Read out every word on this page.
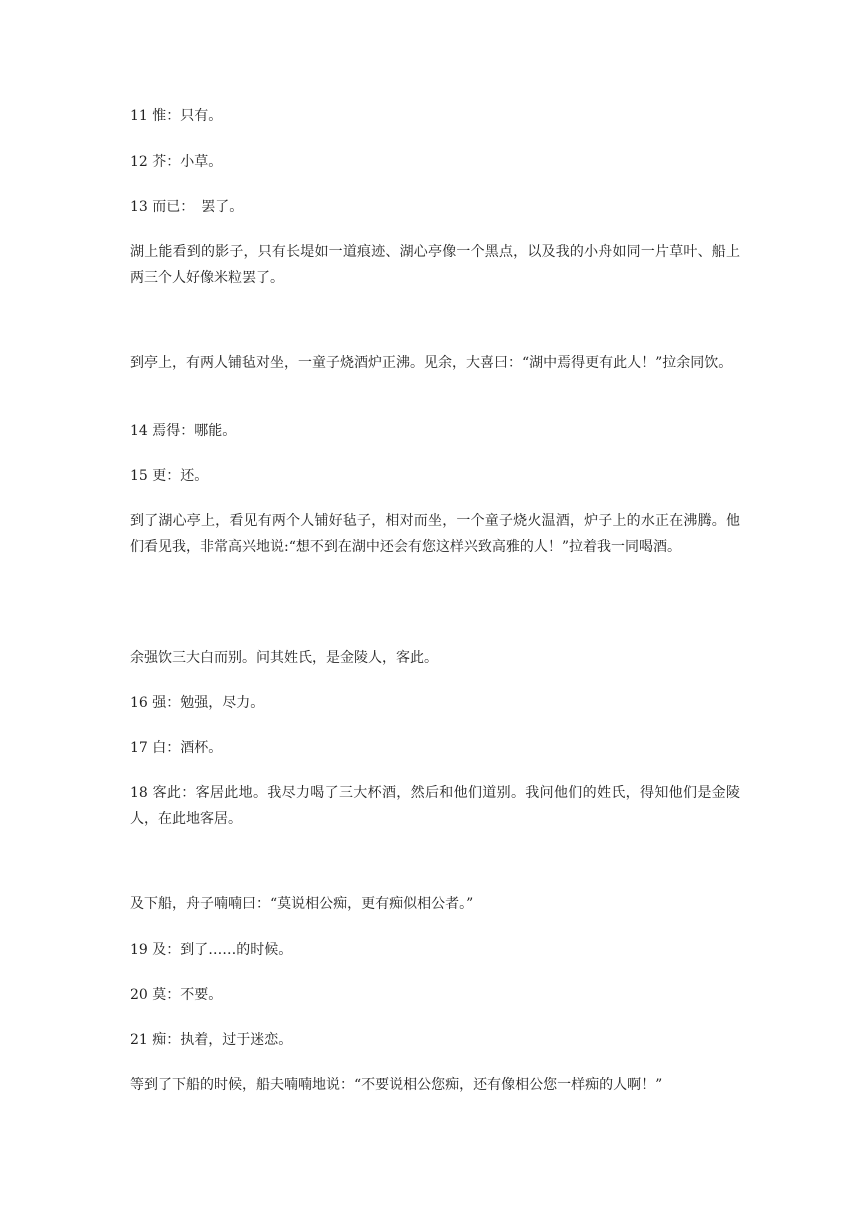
11 惟：只有。
12 芥：小草。
13 而已：　罢了。
湖上能看到的影子，只有长堤如一道痕迹、湖心亭像一个黑点，以及我的小舟如同一片草叶、船上两三个人好像米粒罢了。
到亭上，有两人铺毡对坐，一童子烧酒炉正沸。见余，大喜曰：“湖中焉得更有此人！”拉余同饮。
14 焉得：哪能。
15 更：还。
到了湖心亭上，看见有两个人铺好毡子，相对而坐，一个童子烧火温酒，炉子上的水正在沸腾。他们看见我，非常高兴地说:“想不到在湖中还会有您这样兴致高雅的人！”拉着我一同喝酒。
余强饮三大白而别。问其姓氏，是金陵人，客此。
16 强：勉强，尽力。
17 白：酒杯。
18 客此：客居此地。我尽力喝了三大杯酒，然后和他们道别。我问他们的姓氏，得知他们是金陵人，在此地客居。
及下船，舟子喃喃曰：“莫说相公痴，更有痴似相公者。”
19 及：到了……的时候。
20 莫：不要。
21 痴：执着，过于迷恋。
等到了下船的时候，船夫喃喃地说：“不要说相公您痴，还有像相公您一样痴的人啊！”
